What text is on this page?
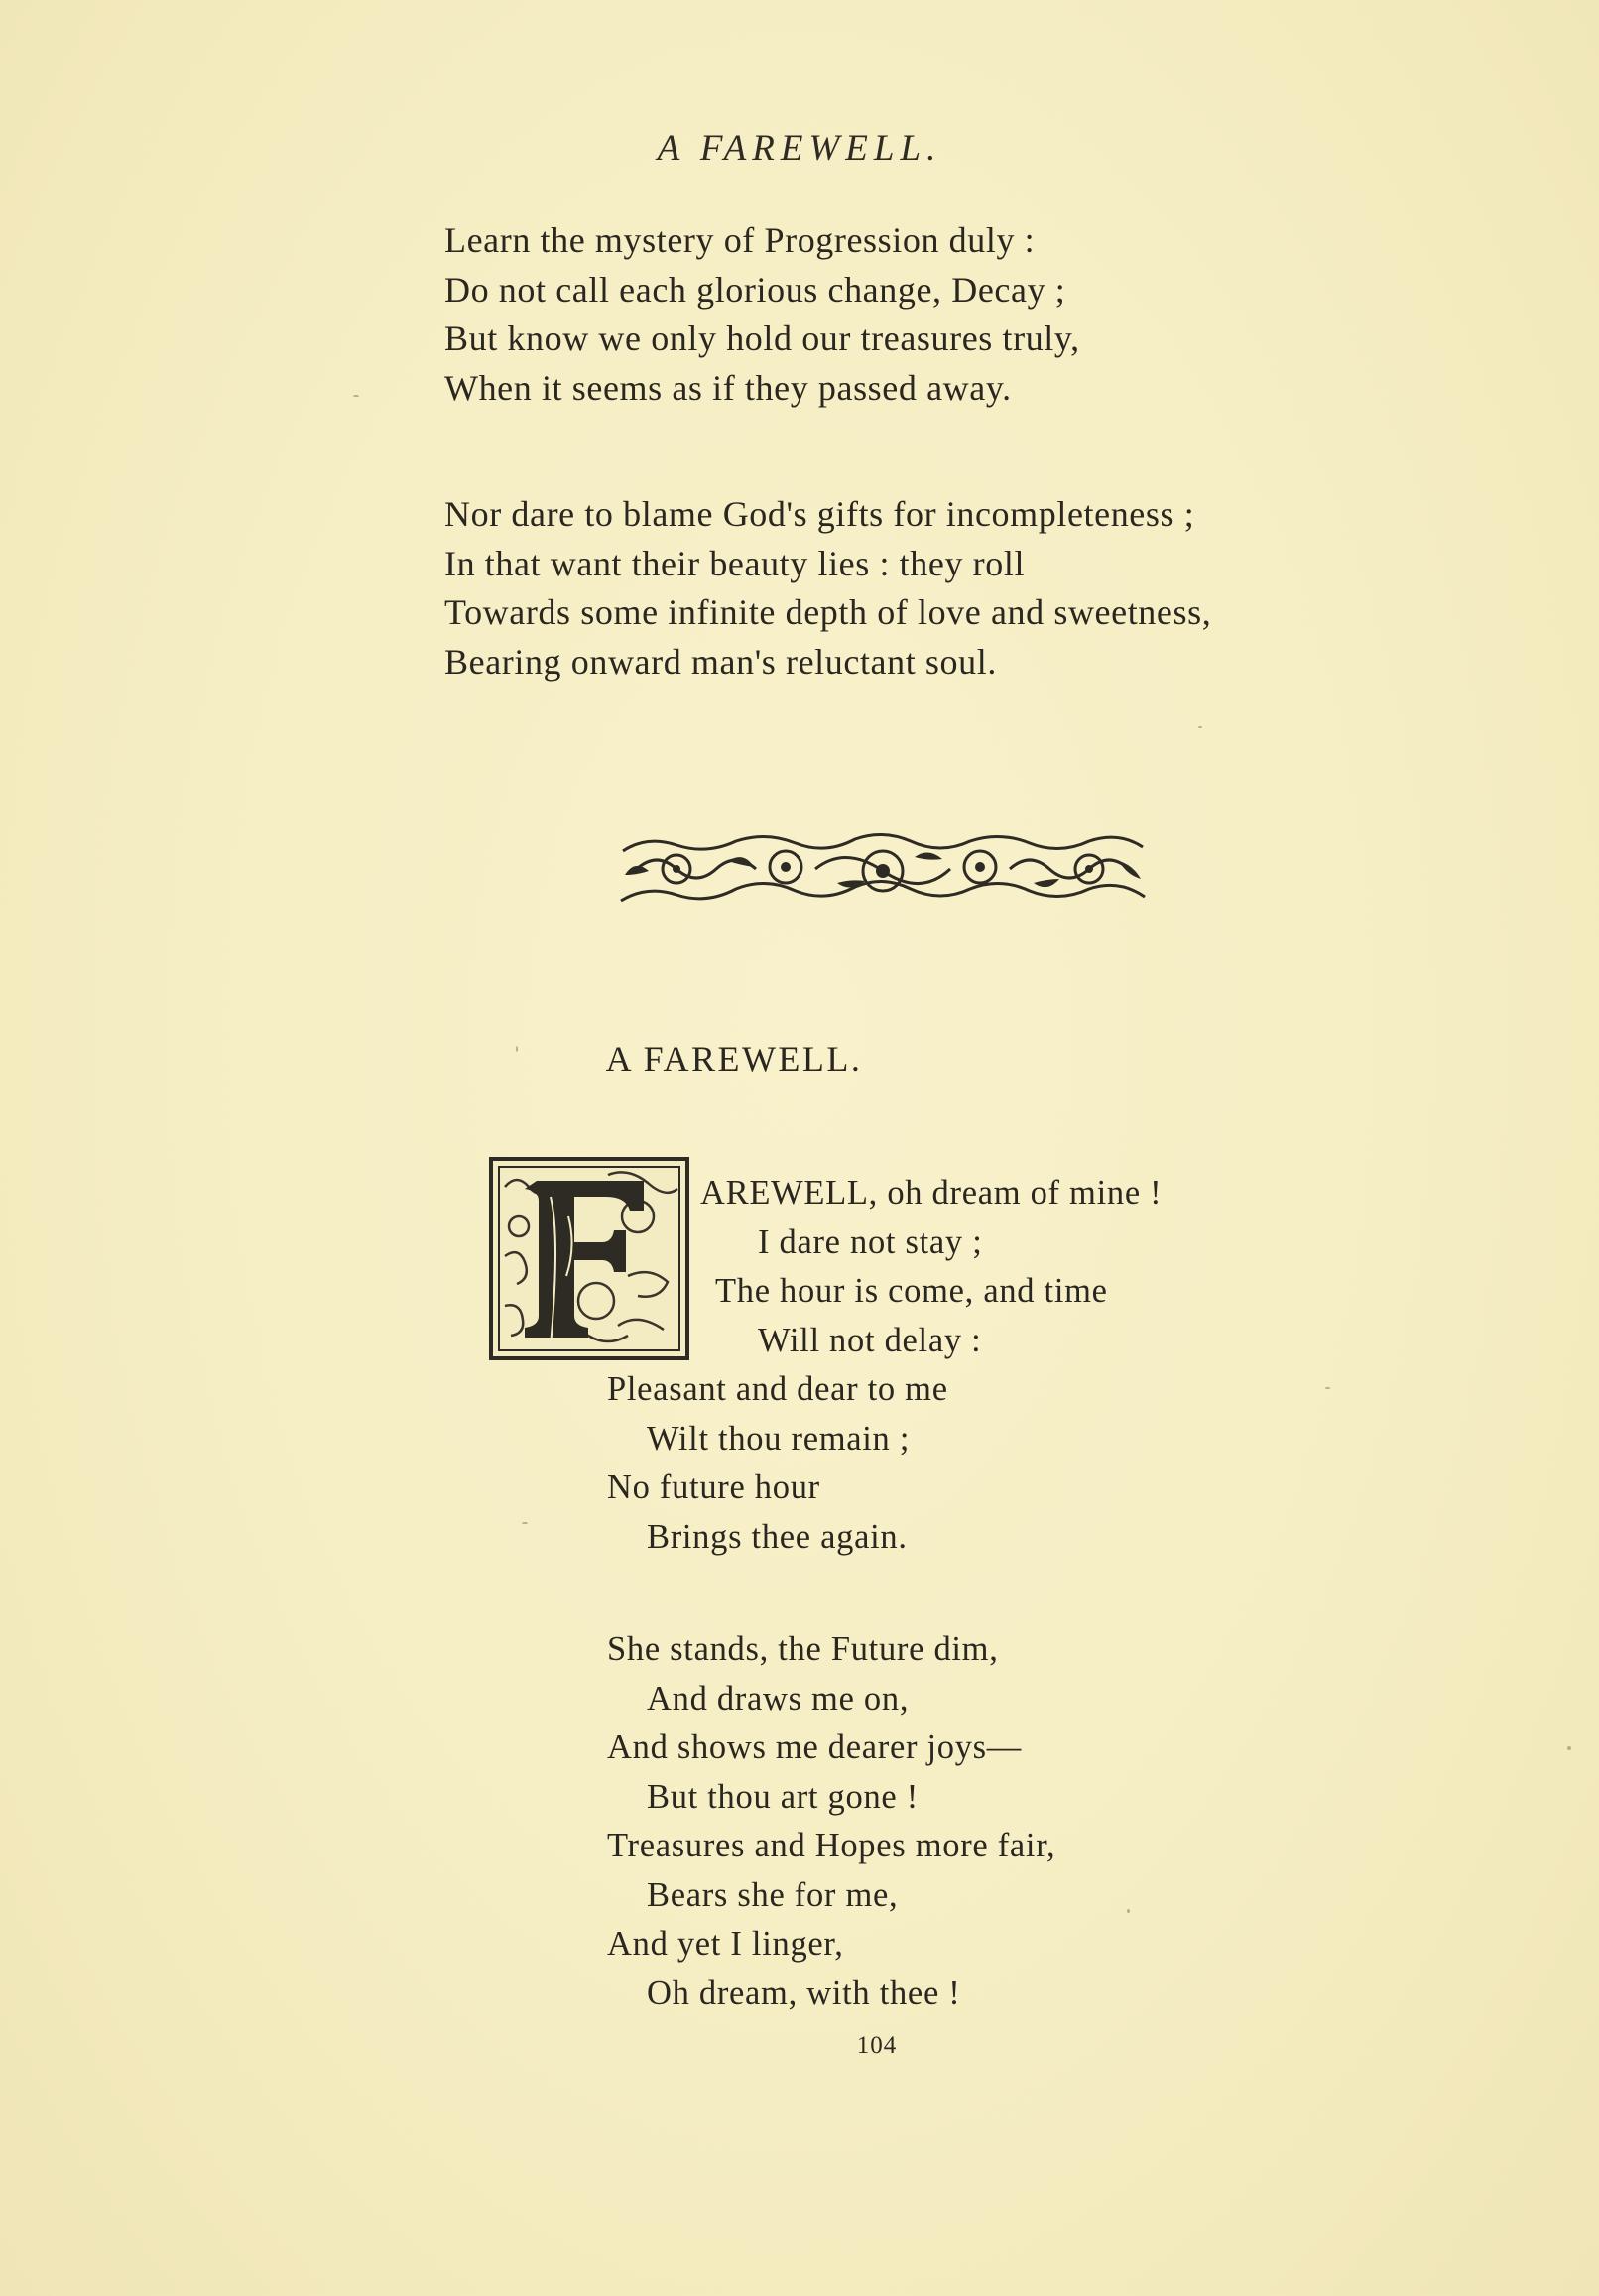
A FAREWELL.
Learn the mystery of Progression duly :
Do not call each glorious change, Decay ;
But know we only hold our treasures truly,
When it seems as if they passed away.
Nor dare to blame God's gifts for incompleteness ;
In that want their beauty lies : they roll
Towards some infinite depth of love and sweetness,
Bearing onward man's reluctant soul.
A FAREWELL.
AREWELL, oh dream of mine !
I dare not stay ;
The hour is come, and time
Will not delay :
Pleasant and dear to me
Wilt thou remain ;
No future hour
Brings thee again.
She stands, the Future dim,
And draws me on,
And shows me dearer joys—
But thou art gone !
Treasures and Hopes more fair,
Bears she for me,
And yet I linger,
Oh dream, with thee !
104
